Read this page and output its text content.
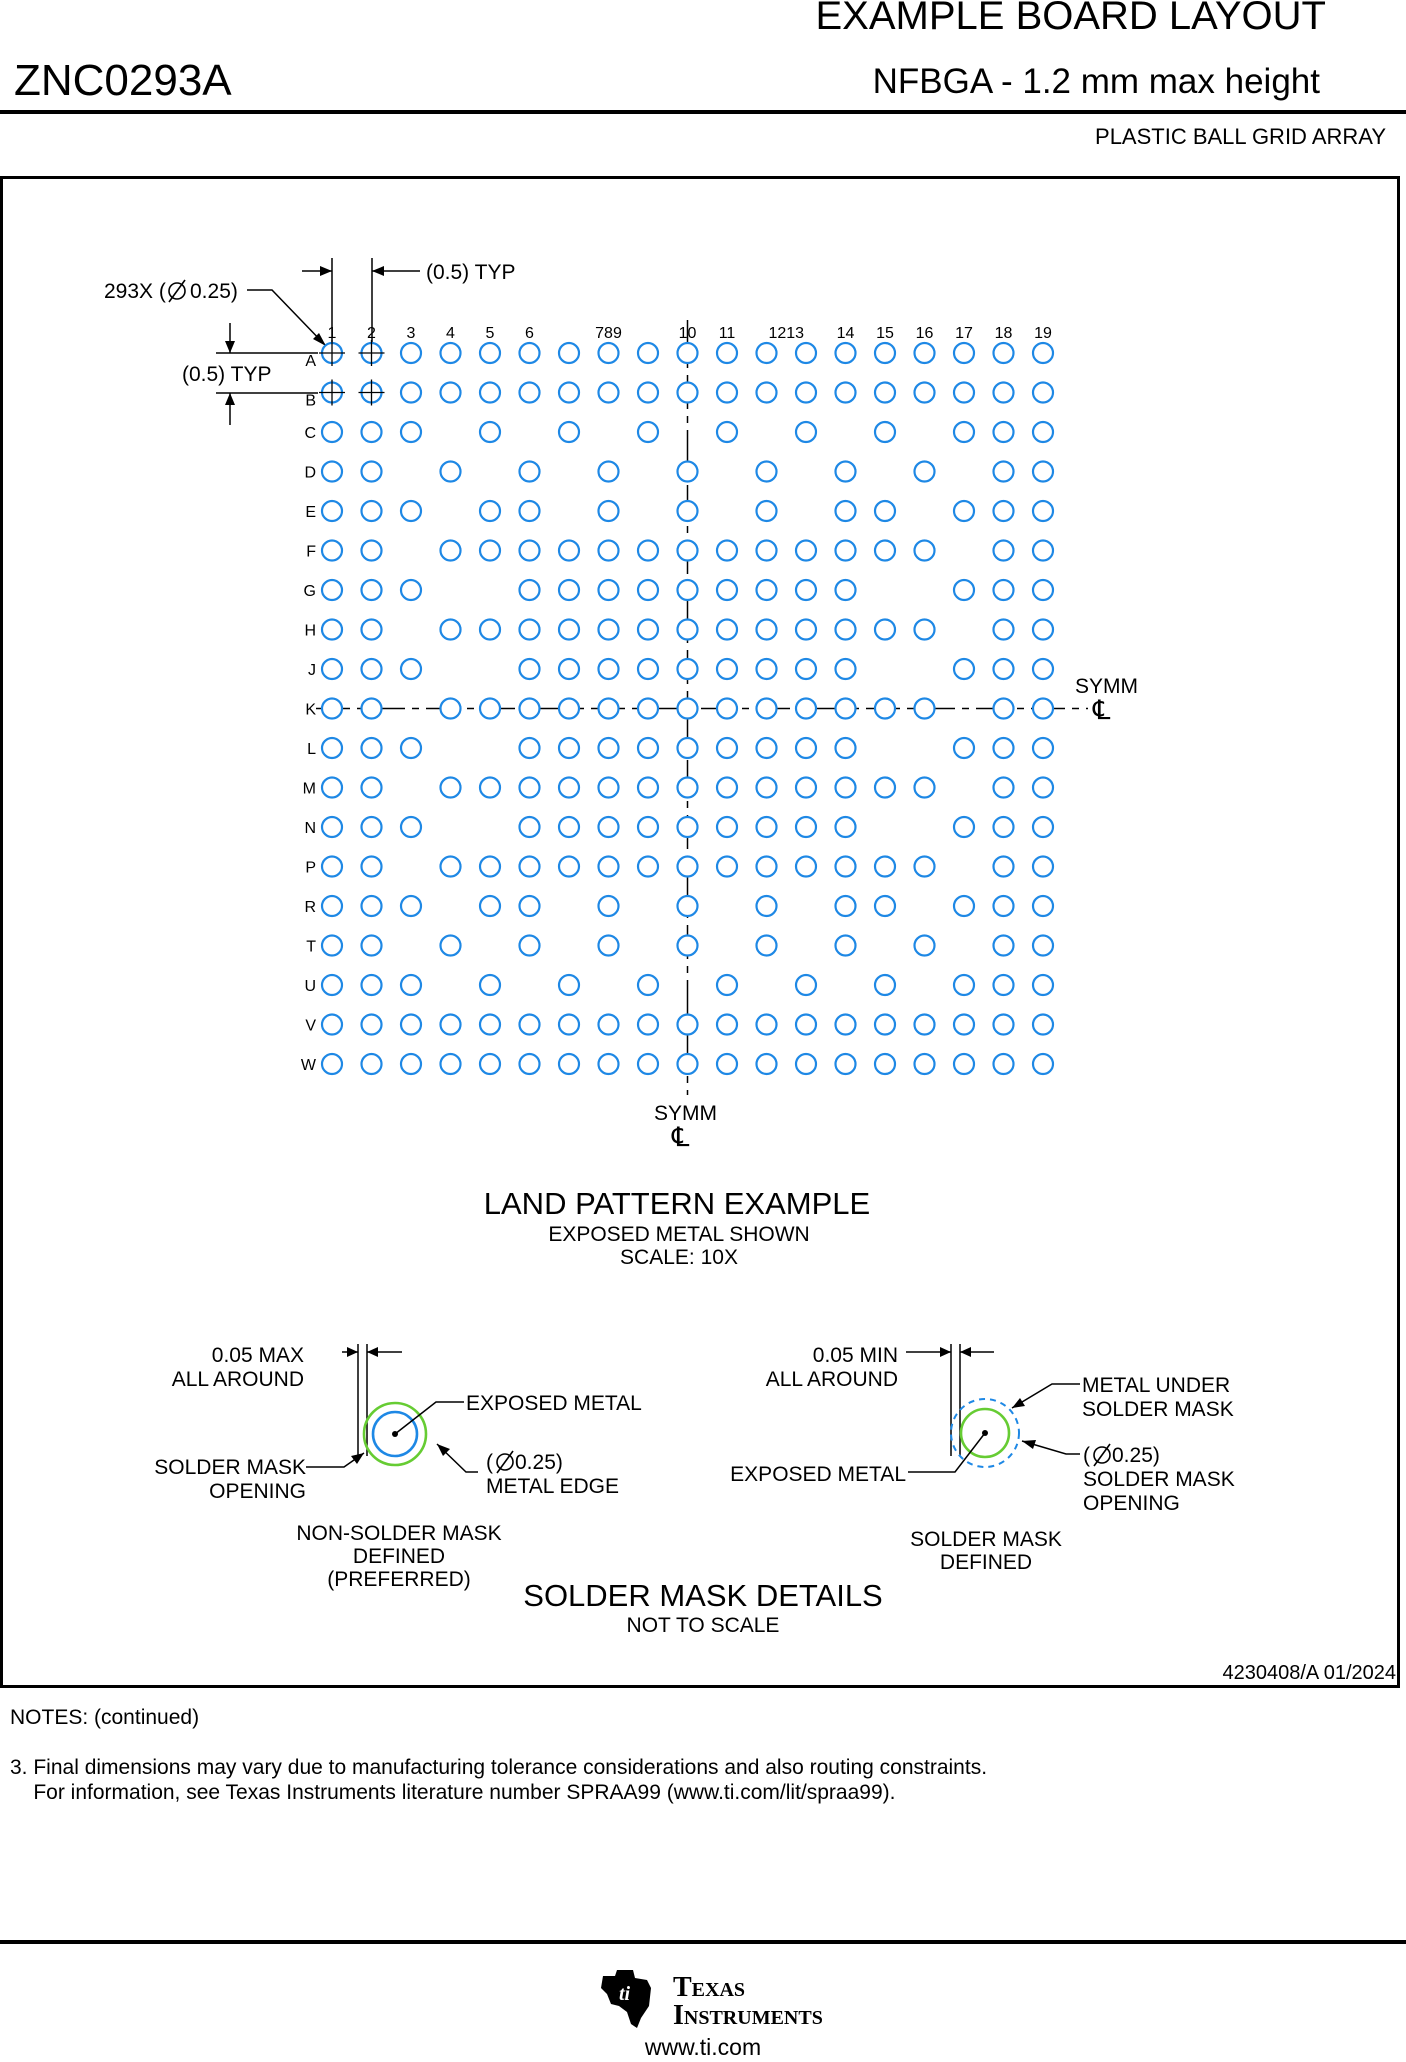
EXAMPLE BOARD LAYOUT
ZNC0293A	NFBGA - 1.2 mm max height
PLASTIC BALL GRID ARRAY
293X ( 0.25)
(0.5) TYP
(0.5) TYP
1 2 3 4 5 6	789	10 11 1213 14 15 16 17 18 19
A
B
C
D
E
F
G
H
J
K
L
M
N
P
R
T
U
V
W
SYMM
℄
SYMM
℄
LAND PATTERN EXAMPLE
EXPOSED METAL SHOWN
SCALE: 10X
0.05 MAX
ALL AROUND
EXPOSED METAL
SOLDER MASK
OPENING
( 0.25)
METAL EDGE
NON-SOLDER MASK
DEFINED
(PREFERRED)
0.05 MIN
ALL AROUND	METAL UNDER
SOLDER MASK
EXPOSED METAL
( 0.25)
SOLDER MASK
OPENING
SOLDER MASK
DEFINED
SOLDER MASK DETAILS
NOT TO SCALE
4230408/A 01/2024
NOTES: (continued)
3. Final dimensions may vary due to manufacturing tolerance considerations and also routing constraints.
For information, see Texas Instruments literature number SPRAA99 (www.ti.com/lit/spraa99).
ti Texas
Instruments
www.ti.com
